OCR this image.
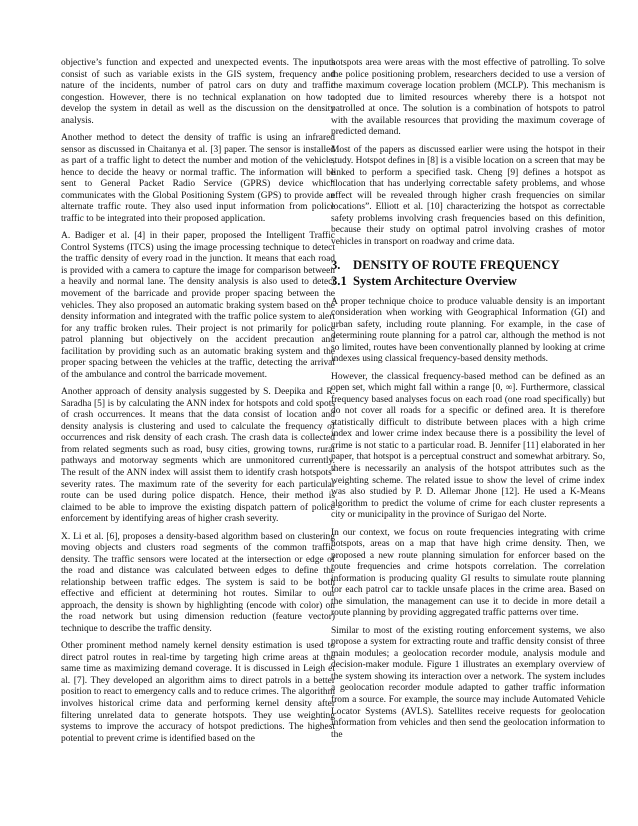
objective’s function and expected and unexpected events. The inputs consist of such as variable exists in the GIS system, frequency and nature of the incidents, number of patrol cars on duty and traffic congestion. However, there is no technical explanation on how to develop the system in detail as well as the discussion on the density analysis.

Another method to detect the density of traffic is using an infrared sensor as discussed in Chaitanya et al. [3] paper. The sensor is installed as part of a traffic light to detect the number and motion of the vehicle, hence to decide the heavy or normal traffic. The information will be sent to General Packet Radio Service (GPRS) device which communicates with the Global Positioning System (GPS) to provide an alternate traffic route. They also used input information from police traffic to be integrated into their proposed application.

A. Badiger et al. [4] in their paper, proposed the Intelligent Traffic Control Systems (ITCS) using the image processing technique to detect the traffic density of every road in the junction. It means that each road is provided with a camera to capture the image for comparison between a heavily and normal lane. The density analysis is also used to detect movement of the barricade and provide proper spacing between the vehicles. They also proposed an automatic braking system based on the density information and integrated with the traffic police system to alert for any traffic broken rules. Their project is not primarily for police patrol planning but objectively on the accident precaution and facilitation by providing such as an automatic braking system and the proper spacing between the vehicles at the traffic, detecting the arrival of the ambulance and control the barricade movement.

Another approach of density analysis suggested by S. Deepika and R. Saradha [5] is by calculating the ANN index for hotspots and cold spots of crash occurrences. It means that the data consist of location and density analysis is clustering and used to calculate the frequency of occurrences and risk density of each crash. The crash data is collected from related segments such as road, busy cities, growing towns, rural pathways and motorway segments which are unmonitored currently. The result of the ANN index will assist them to identify crash hotspots’ severity rates. The maximum rate of the severity for each particular route can be used during police dispatch. Hence, their method is claimed to be able to improve the existing dispatch pattern of police enforcement by identifying areas of higher crash severity.

X. Li et al. [6], proposes a density-based algorithm based on clustering moving objects and clusters road segments of the common traffic density. The traffic sensors were located at the intersection or edge of the road and distance was calculated between edges to define the relationship between traffic edges. The system is said to be both effective and efficient at determining hot routes. Similar to our approach, the density is shown by highlighting (encode with color) on the road network but using dimension reduction (feature vector) technique to describe the traffic density.

Other prominent method namely kernel density estimation is used to direct patrol routes in real-time by targeting high crime areas at the same time as maximizing demand coverage. It is discussed in Leigh et al. [7]. They developed an algorithm aims to direct patrols in a better position to react to emergency calls and to reduce crimes. The algorithm involves historical crime data and performing kernel density after filtering unrelated data to generate hotspots. They use weighting systems to improve the accuracy of hotspot predictions. The highest potential to prevent crime is identified based on the

hotspots area were areas with the most effective of patrolling. To solve the police positioning problem, researchers decided to use a version of the maximum coverage location problem (MCLP). This mechanism is adopted due to limited resources whereby there is a hotspot not patrolled at once. The solution is a combination of hotspots to patrol with the available resources that providing the maximum coverage of predicted demand.

Most of the papers as discussed earlier were using the hotspot in their study. Hotspot defines in [8] is a visible location on a screen that may be linked to perform a specified task. Cheng [9] defines a hotspot as “location that has underlying correctable safety problems, and whose effect will be revealed through higher crash frequencies on similar locations”. Elliott et al. [10] characterizing the hotspot as correctable safety problems involving crash frequencies based on this definition, because their study on optimal patrol involving crashes of motor vehicles in transport on roadway and crime data.

3. DENSITY OF ROUTE FREQUENCY
3.1 System Architecture Overview

A proper technique choice to produce valuable density is an important consideration when working with Geographical Information (GI) and urban safety, including route planning. For example, in the case of determining route planning for a patrol car, although the method is not so limited, routes have been conventionally planned by looking at crime indexes using classical frequency-based density methods.

However, the classical frequency-based method can be defined as an open set, which might fall within a range [0, ∞]. Furthermore, classical frequency based analyses focus on each road (one road specifically) but do not cover all roads for a specific or defined area. It is therefore statistically difficult to distribute between places with a high crime index and lower crime index because there is a possibility the level of crime is not static to a particular road. B. Jennifer [11] elaborated in her paper, that hotspot is a perceptual construct and somewhat arbitrary. So, there is necessarily an analysis of the hotspot attributes such as the weighting scheme. The related issue to show the level of crime index was also studied by P. D. Allemar Jhone [12]. He used a K-Means algorithm to predict the volume of crime for each cluster represents a city or municipality in the province of Surigao del Norte.

In our context, we focus on route frequencies integrating with crime hotspots, areas on a map that have high crime density. Then, we proposed a new route planning simulation for enforcer based on the route frequencies and crime hotspots correlation. The correlation information is producing quality GI results to simulate route planning for each patrol car to tackle unsafe places in the crime area. Based on the simulation, the management can use it to decide in more detail a route planning by providing aggregated traffic patterns over time.

Similar to most of the existing routing enforcement systems, we also propose a system for extracting route and traffic density consist of three main modules; a geolocation recorder module, analysis module and decision-maker module. Figure 1 illustrates an exemplary overview of the system showing its interaction over a network. The system includes a geolocation recorder module adapted to gather traffic information from a source. For example, the source may include Automated Vehicle Locator Systems (AVLS). Satellites receive requests for geolocation information from vehicles and then send the geolocation information to the
